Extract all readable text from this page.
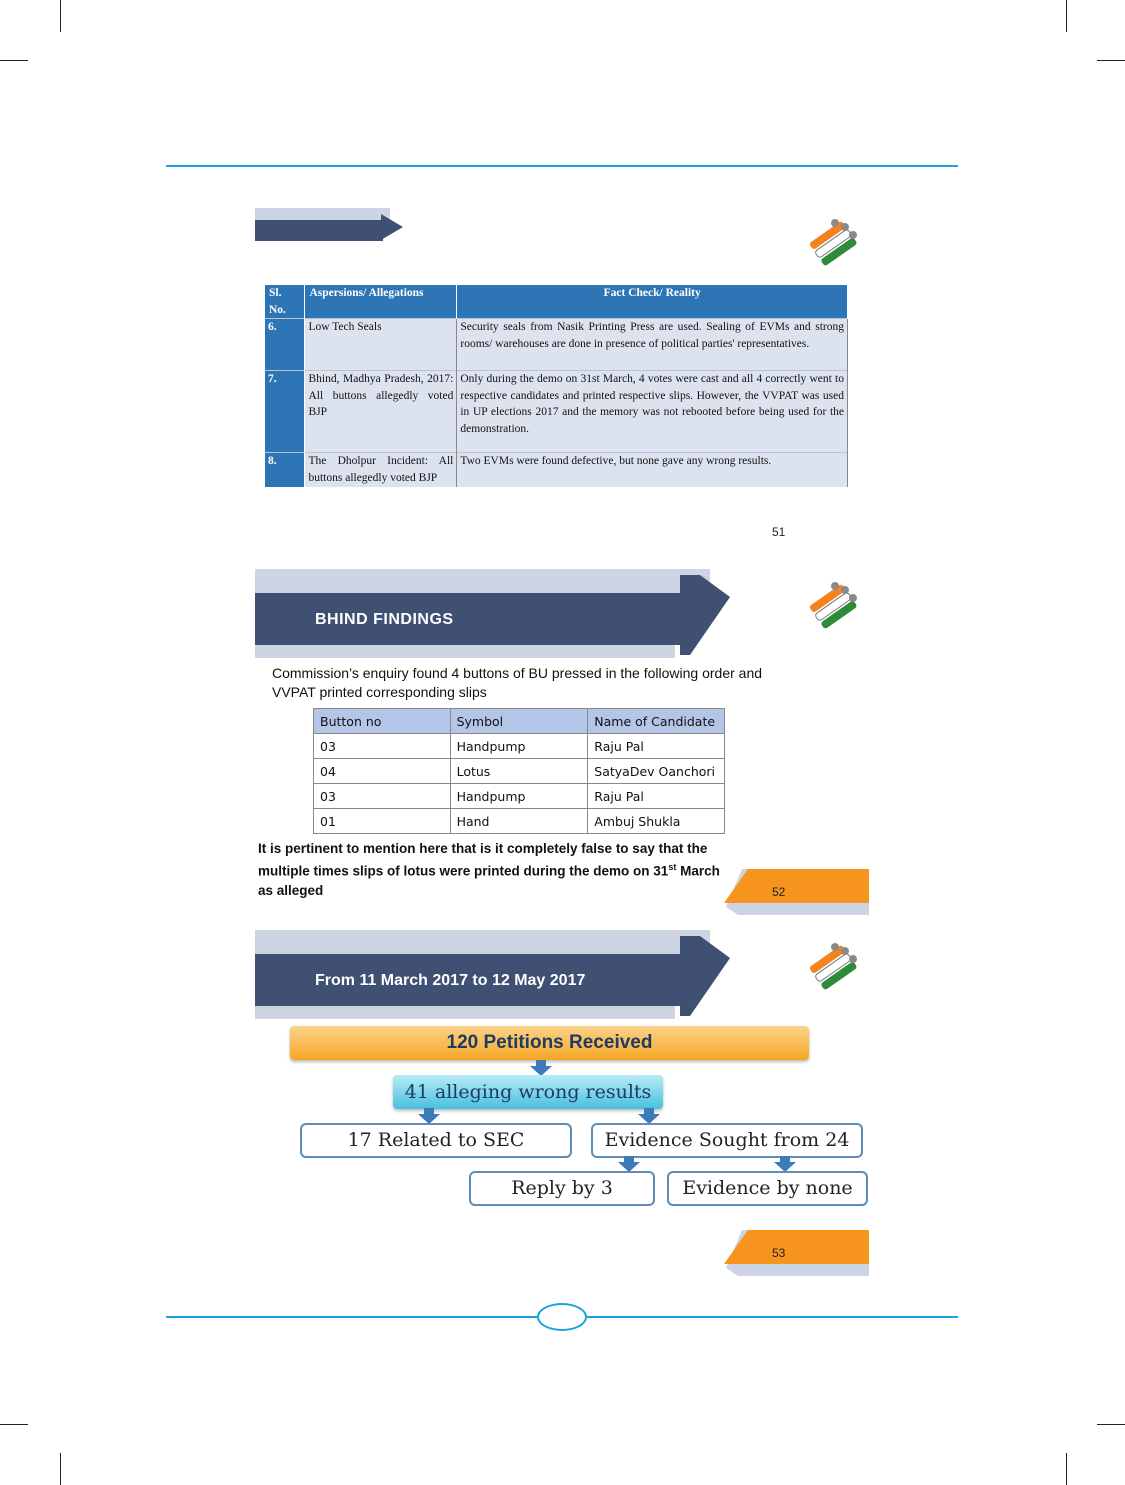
Sl. No.	Aspersions/ Allegations	Fact Check/ Reality
6.	Low Tech Seals	Security seals from Nasik Printing Press are used. Sealing of EVMs and strong rooms/ warehouses are done in presence of political parties' representatives.
7.	Bhind, Madhya Pradesh, 2017: All buttons allegedly voted BJP	Only during the demo on 31st March, 4 votes were cast and all 4 correctly went to respective candidates and printed respective slips. However, the VVPAT was used in UP elections 2017 and the memory was not rebooted before being used for the demonstration.
8.	The Dholpur Incident: All buttons allegedly voted BJP	Two EVMs were found defective, but none gave any wrong results.
51
BHIND FINDINGS
Commission’s enquiry found 4 buttons of BU pressed in the following order and
VVPAT printed corresponding slips
Button no	Symbol	Name of Candidate
03	Handpump	Raju Pal
04	Lotus	SatyaDev Oanchori
03	Handpump	Raju Pal
01	Hand	Ambuj Shukla
It is pertinent to mention here that is it completely false to say that the
multiple times slips of lotus were printed during the demo on 31st March
as alleged	52
From 11 March 2017 to 12 May 2017
120 Petitions Received
41 alleging wrong results
17 Related to SEC	Evidence Sought from 24
Reply by 3	Evidence by none
53
